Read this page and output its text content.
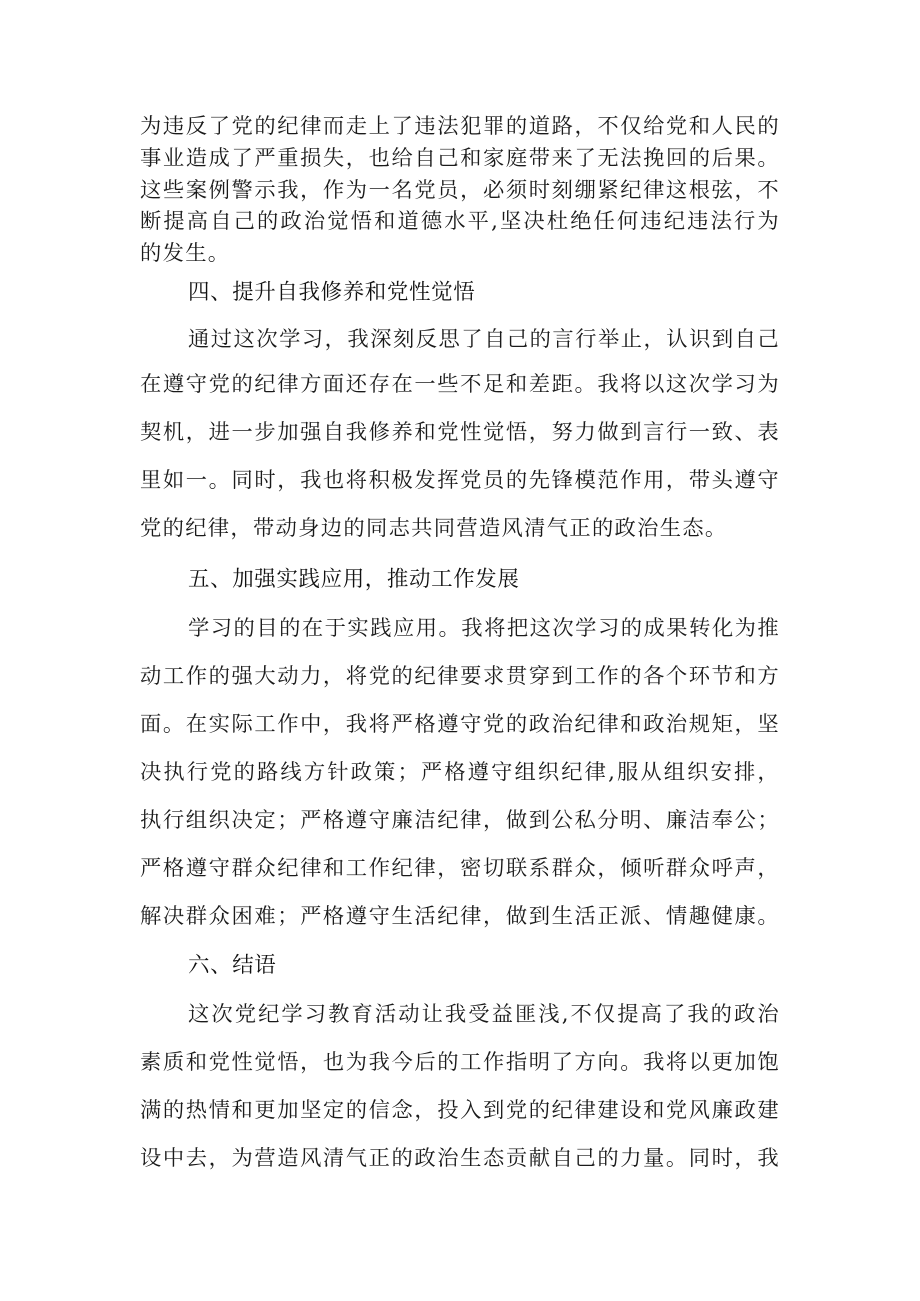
为违反了党的纪律而走上了违法犯罪的道路，不仅给党和人民的
事业造成了严重损失，也给自己和家庭带来了无法挽回的后果。
这些案例警示我，作为一名党员，必须时刻绷紧纪律这根弦，不
断提高自己的政治觉悟和道德水平,坚决杜绝任何违纪违法行为
的发生。
四、提升自我修养和党性觉悟
通过这次学习，我深刻反思了自己的言行举止，认识到自己
在遵守党的纪律方面还存在一些不足和差距。我将以这次学习为
契机，进一步加强自我修养和党性觉悟，努力做到言行一致、表
里如一。同时，我也将积极发挥党员的先锋模范作用，带头遵守
党的纪律，带动身边的同志共同营造风清气正的政治生态。
五、加强实践应用，推动工作发展
学习的目的在于实践应用。我将把这次学习的成果转化为推
动工作的强大动力，将党的纪律要求贯穿到工作的各个环节和方
面。在实际工作中，我将严格遵守党的政治纪律和政治规矩，坚
决执行党的路线方针政策；严格遵守组织纪律,服从组织安排，
执行组织决定；严格遵守廉洁纪律，做到公私分明、廉洁奉公；
严格遵守群众纪律和工作纪律，密切联系群众，倾听群众呼声，
解决群众困难；严格遵守生活纪律，做到生活正派、情趣健康。
六、结语
这次党纪学习教育活动让我受益匪浅,不仅提高了我的政治
素质和党性觉悟，也为我今后的工作指明了方向。我将以更加饱
满的热情和更加坚定的信念，投入到党的纪律建设和党风廉政建
设中去，为营造风清气正的政治生态贡献自己的力量。同时，我
